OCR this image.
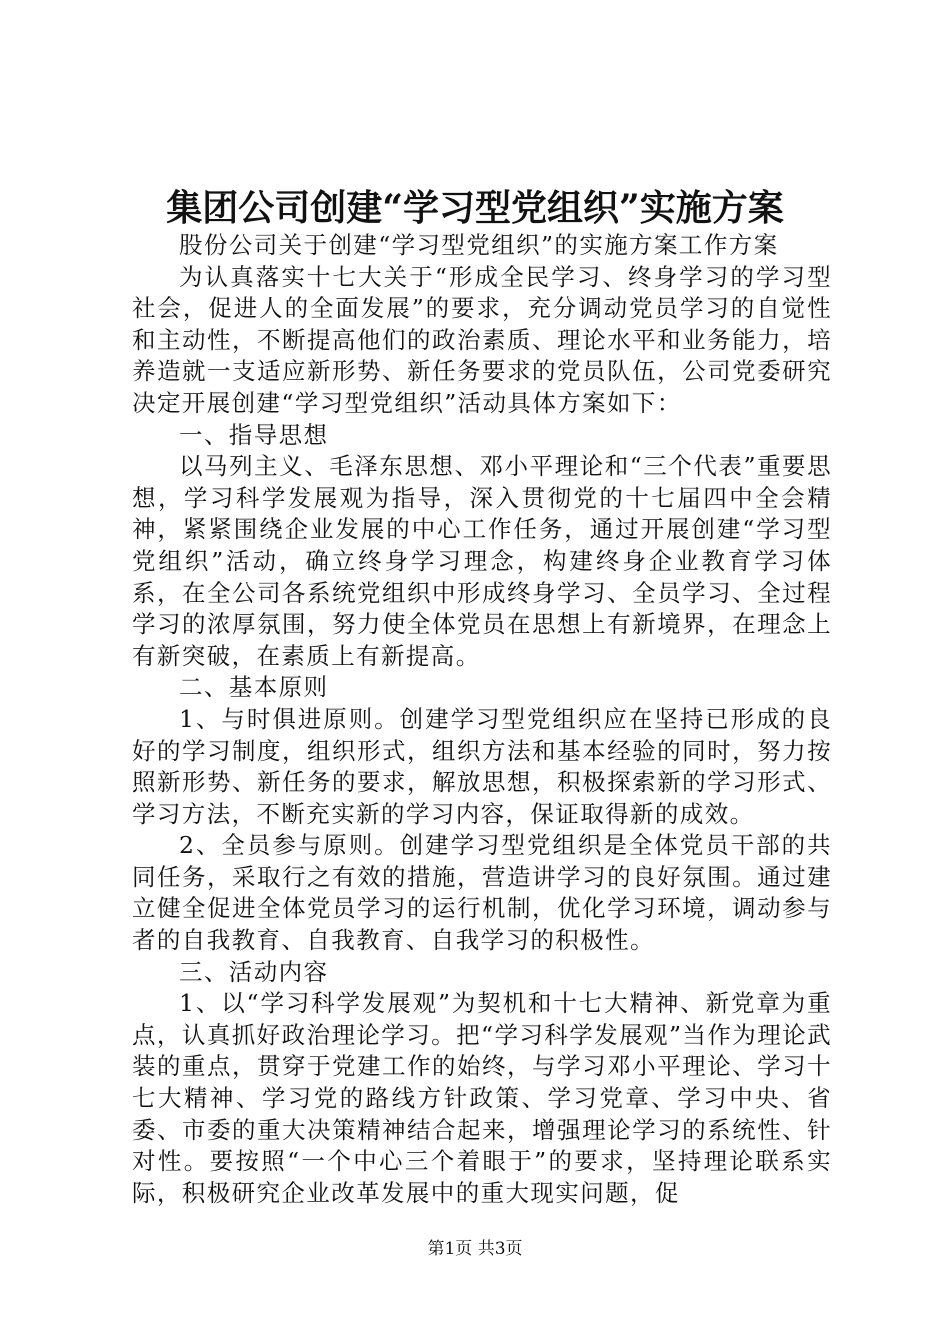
集团公司创建“学习型党组织”实施方案

股份公司关于创建“学习型党组织”的实施方案工作方案

为认真落实十七大关于“形成全民学习、终身学习的学习型社会，促进人的全面发展”的要求，充分调动党员学习的自觉性和主动性，不断提高他们的政治素质、理论水平和业务能力，培养造就一支适应新形势、新任务要求的党员队伍，公司党委研究决定开展创建“学习型党组织”活动具体方案如下：

一、指导思想

以马列主义、毛泽东思想、邓小平理论和“三个代表”重要思想，学习科学发展观为指导，深入贯彻党的十七届四中全会精神，紧紧围绕企业发展的中心工作任务，通过开展创建“学习型党组织”活动，确立终身学习理念，构建终身企业教育学习体系，在全公司各系统党组织中形成终身学习、全员学习、全过程学习的浓厚氛围，努力使全体党员在思想上有新境界，在理念上有新突破，在素质上有新提高。

二、基本原则

1、与时俱进原则。创建学习型党组织应在坚持已形成的良好的学习制度，组织形式，组织方法和基本经验的同时，努力按照新形势、新任务的要求，解放思想，积极探索新的学习形式、学习方法，不断充实新的学习内容，保证取得新的成效。

2、全员参与原则。创建学习型党组织是全体党员干部的共同任务，采取行之有效的措施，营造讲学习的良好氛围。通过建立健全促进全体党员学习的运行机制，优化学习环境，调动参与者的自我教育、自我教育、自我学习的积极性。

三、活动内容

1、以“学习科学发展观”为契机和十七大精神、新党章为重点，认真抓好政治理论学习。把“学习科学发展观”当作为理论武装的重点，贯穿于党建工作的始终，与学习邓小平理论、学习十七大精神、学习党的路线方针政策、学习党章、学习中央、省委、市委的重大决策精神结合起来，增强理论学习的系统性、针对性。要按照“一个中心三个着眼于”的要求，坚持理论联系实际，积极研究企业改革发展中的重大现实问题，促

第1页 共3页
